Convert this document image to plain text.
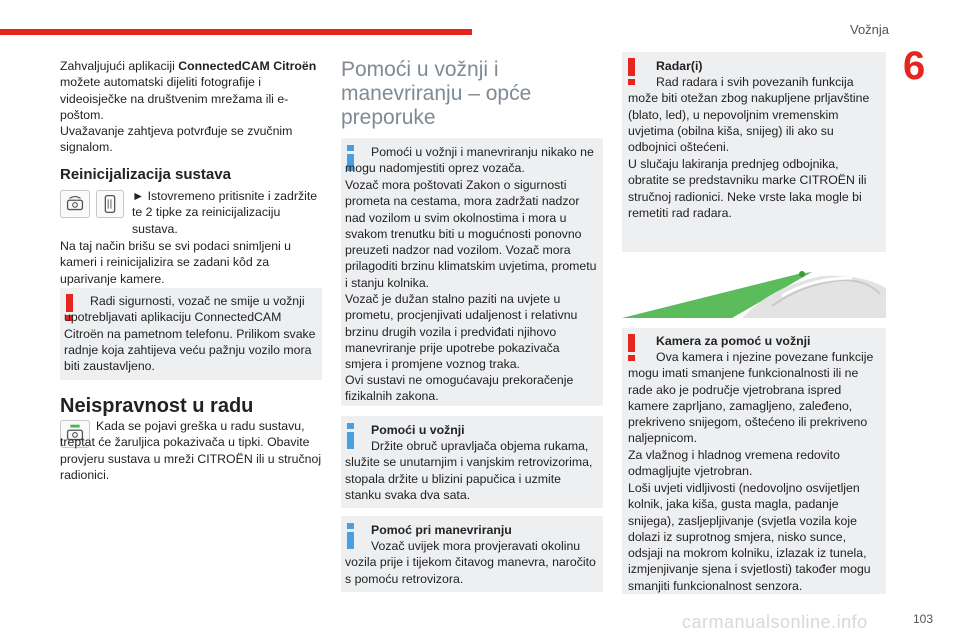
Vožnja
6
Zahvaljujući aplikaciji ConnectedCAM Citroën možete automatski dijeliti fotografije i videoisječke na društvenim mrežama ili e-poštom.
Uvažavanje zahtjeva potvrđuje se zvučnim signalom.
Reinicijalizacija sustava
► Istovremeno pritisnite i zadržite te 2 tipke za reinicijalizaciju sustava.
Na taj način brišu se svi podaci snimljeni u kameri i reinicijalizira se zadani kôd za uparivanje kamere.
Radi sigurnosti, vozač ne smije u vožnji upotrebljavati aplikaciju ConnectedCAM Citroën na pametnom telefonu. Prilikom svake radnje koja zahtijeva veću pažnju vozilo mora biti zaustavljeno.
Neispravnost u radu
Kada se pojavi greška u radu sustavu, treptat će žaruljica pokazivača u tipki. Obavite provjeru sustava u mreži CITROËN ili u stručnoj radionici.
Pomoći u vožnji i manevriranju – opće preporuke
Pomoći u vožnji i manevriranju nikako ne mogu nadomjestiti oprez vozača.
Vozač mora poštovati Zakon o sigurnosti prometa na cestama, mora zadržati nadzor nad vozilom u svim okolnostima i mora u svakom trenutku biti u mogućnosti ponovno preuzeti nadzor nad vozilom. Vozač mora prilagoditi brzinu klimatskim uvjetima, prometu i stanju kolnika.
Vozač je dužan stalno paziti na uvjete u prometu, procjenjivati udaljenost i relativnu brzinu drugih vozila i predviđati njihovo manevriranje prije upotrebe pokazivača smjera i promjene voznog traka.
Ovi sustavi ne omogućavaju prekoračenje fizikalnih zakona.
Pomoći u vožnji
Držite obruč upravljača objema rukama, služite se unutarnjim i vanjskim retrovizorima, stopala držite u blizini papučica i uzmite stanku svaka dva sata.
Pomoć pri manevriranju
Vozač uvijek mora provjeravati okolinu vozila prije i tijekom čitavog manevra, naročito s pomoću retrovizora.
Radar(i)
Rad radara i svih povezanih funkcija može biti otežan zbog nakupljene prljavštine (blato, led), u nepovoljnim vremenskim uvjetima (obilna kiša, snijeg) ili ako su odbojnici oštećeni.
U slučaju lakiranja prednjeg odbojnika, obratite se predstavniku marke CITROËN ili stručnoj radionici. Neke vrste laka mogle bi remetiti rad radara.
Kamera za pomoć u vožnji
Ova kamera i njezine povezane funkcije mogu imati smanjene funkcionalnosti ili ne rade ako je područje vjetrobrana ispred kamere zaprljano, zamagljeno, zaleđeno, prekriveno snijegom, oštećeno ili prekriveno naljepnicom.
Za vlažnog i hladnog vremena redovito odmagljujte vjetrobran.
Loši uvjeti vidljivosti (nedovoljno osvijetljen kolnik, jaka kiša, gusta magla, padanje snijega), zasljepljivanje (svjetla vozila koje dolazi iz suprotnog smjera, nisko sunce, odsjaji na mokrom kolniku, izlazak iz tunela, izmjenjivanje sjena i svjetlosti) također mogu smanjiti funkcionalnost senzora.
carmanualsonline.info	103
